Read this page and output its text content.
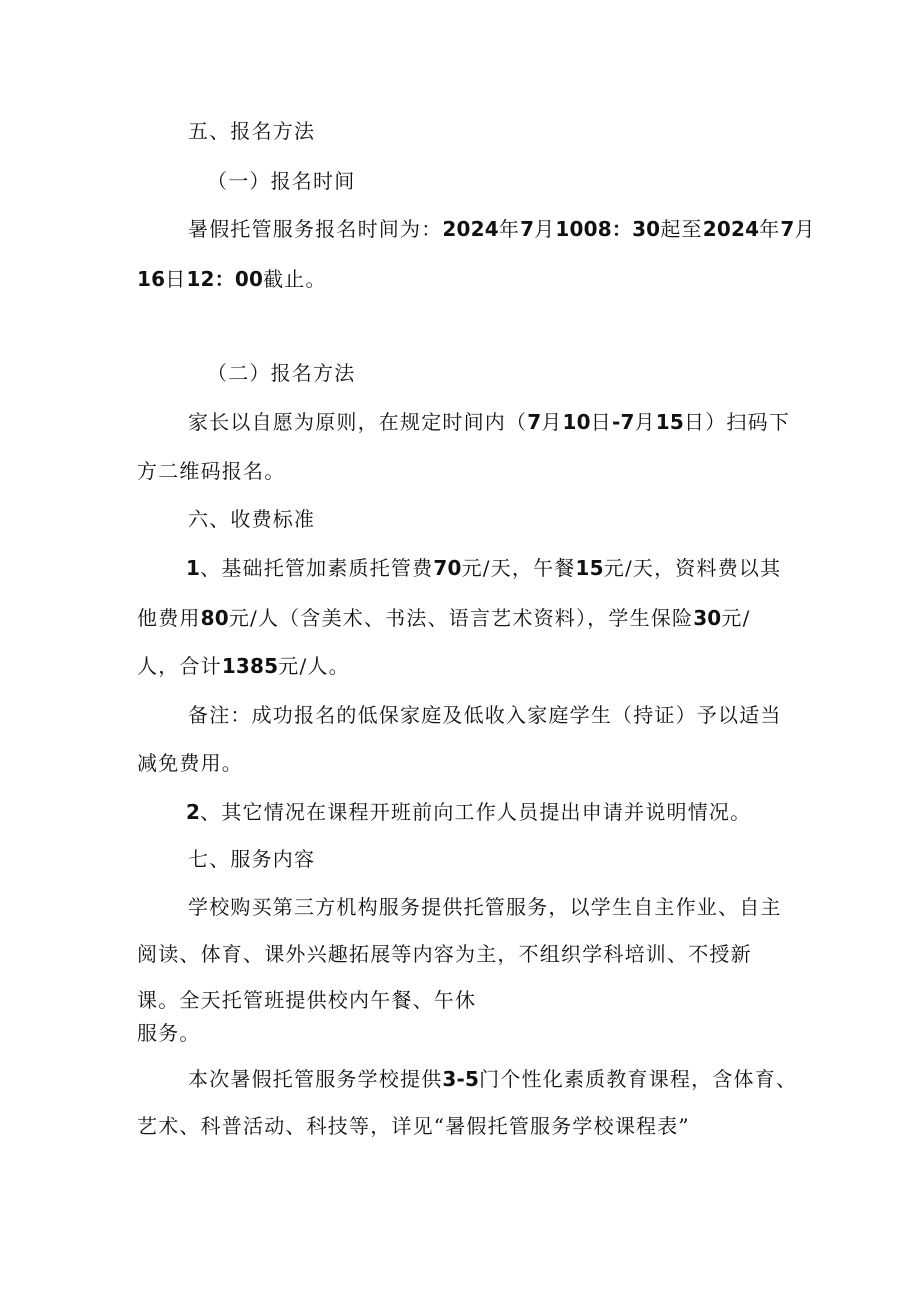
五、报名方法
（一）报名时间
暑假托管服务报名时间为：2024年7月1008：30起至2024年7月
16日12：00截止。
（二）报名方法
家长以自愿为原则，在规定时间内（7月10日-7月15日）扫码下
方二维码报名。
六、收费标准
1、基础托管加素质托管费70元/天，午餐15元/天，资料费以其
他费用80元/人（含美术、书法、语言艺术资料），学生保险30元/
人，合计1385元/人。
备注：成功报名的低保家庭及低收入家庭学生（持证）予以适当
减免费用。
2、其它情况在课程开班前向工作人员提出申请并说明情况。
七、服务内容
学校购买第三方机构服务提供托管服务，以学生自主作业、自主
阅读、体育、课外兴趣拓展等内容为主，不组织学科培训、不授新
课。全天托管班提供校内午餐、午休
服务。
本次暑假托管服务学校提供3-5门个性化素质教育课程，含体育、
艺术、科普活动、科技等，详见“暑假托管服务学校课程表”
